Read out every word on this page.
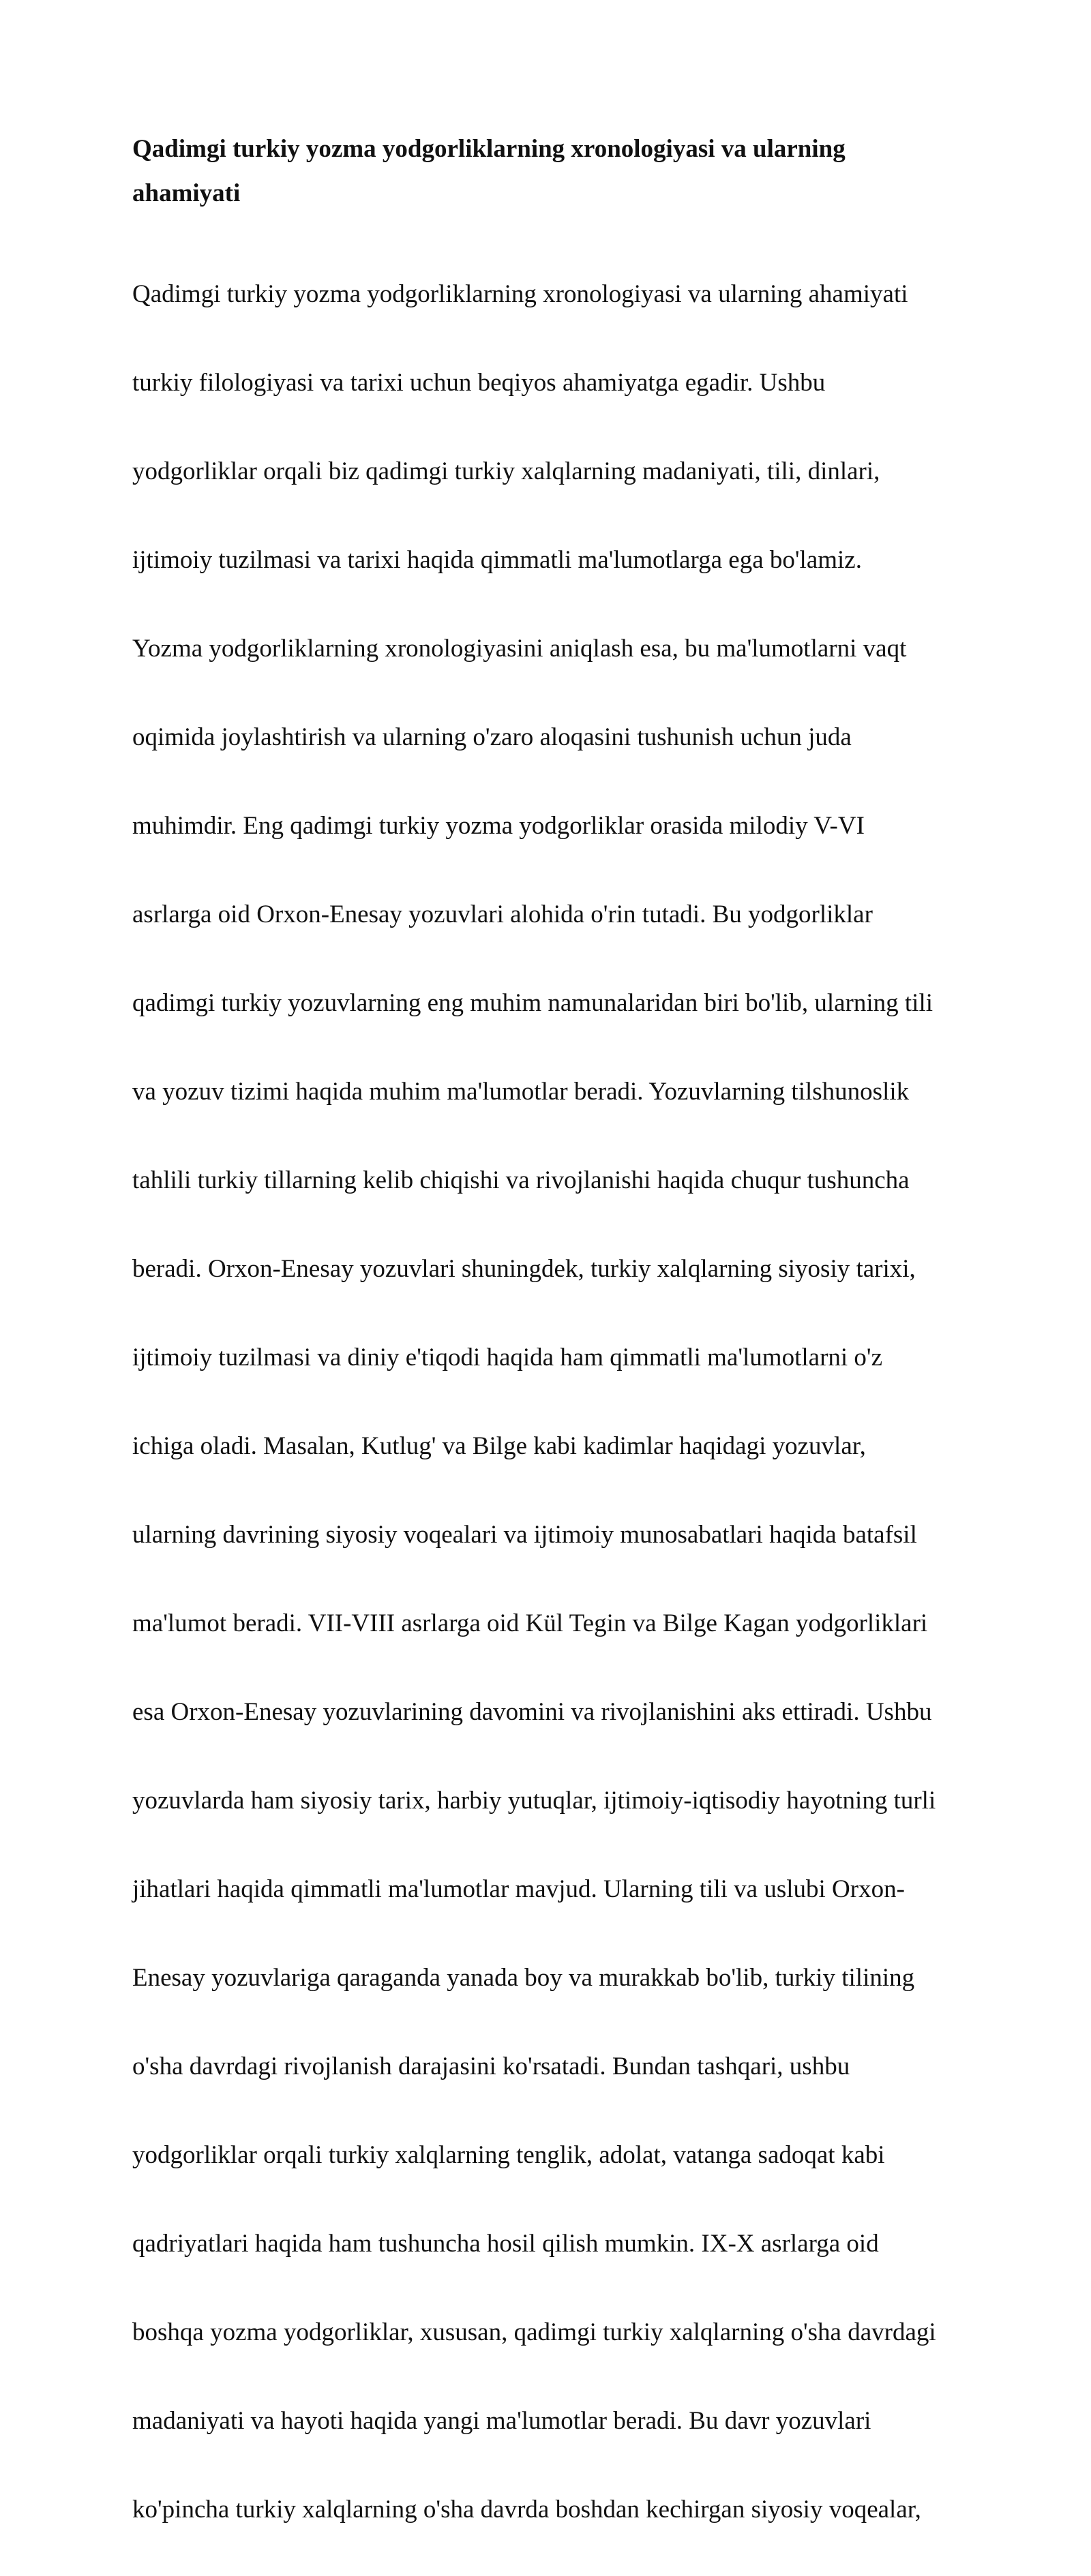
Qadimgi turkiy yozma yodgorliklarning xronologiyasi va ularning
ahamiyati

Qadimgi turkiy yozma yodgorliklarning xronologiyasi va ularning ahamiyati

turkiy filologiyasi va tarixi uchun beqiyos ahamiyatga egadir. Ushbu

yodgorliklar orqali biz qadimgi turkiy xalqlarning madaniyati, tili, dinlari,

ijtimoiy tuzilmasi va tarixi haqida qimmatli ma'lumotlarga ega bo'lamiz.

Yozma yodgorliklarning xronologiyasini aniqlash esa, bu ma'lumotlarni vaqt

oqimida joylashtirish va ularning o'zaro aloqasini tushunish uchun juda

muhimdir. Eng qadimgi turkiy yozma yodgorliklar orasida milodiy V-VI

asrlarga oid Orxon-Enesay yozuvlari alohida o'rin tutadi. Bu yodgorliklar

qadimgi turkiy yozuvlarning eng muhim namunalaridan biri bo'lib, ularning tili

va yozuv tizimi haqida muhim ma'lumotlar beradi. Yozuvlarning tilshunoslik

tahlili turkiy tillarning kelib chiqishi va rivojlanishi haqida chuqur tushuncha

beradi. Orxon-Enesay yozuvlari shuningdek, turkiy xalqlarning siyosiy tarixi,

ijtimoiy tuzilmasi va diniy e'tiqodi haqida ham qimmatli ma'lumotlarni o'z

ichiga oladi. Masalan, Kutlug' va Bilge kabi kadimlar haqidagi yozuvlar,

ularning davrining siyosiy voqealari va ijtimoiy munosabatlari haqida batafsil

ma'lumot beradi. VII-VIII asrlarga oid Kül Tegin va Bilge Kagan yodgorliklari

esa Orxon-Enesay yozuvlarining davomini va rivojlanishini aks ettiradi. Ushbu

yozuvlarda ham siyosiy tarix, harbiy yutuqlar, ijtimoiy-iqtisodiy hayotning turli

jihatlari haqida qimmatli ma'lumotlar mavjud. Ularning tili va uslubi Orxon-

Enesay yozuvlariga qaraganda yanada boy va murakkab bo'lib, turkiy tilining

o'sha davrdagi rivojlanish darajasini ko'rsatadi. Bundan tashqari, ushbu

yodgorliklar orqali turkiy xalqlarning tenglik, adolat, vatanga sadoqat kabi

qadriyatlari haqida ham tushuncha hosil qilish mumkin. IX-X asrlarga oid

boshqa yozma yodgorliklar, xususan, qadimgi turkiy xalqlarning o'sha davrdagi

madaniyati va hayoti haqida yangi ma'lumotlar beradi. Bu davr yozuvlari

ko'pincha turkiy xalqlarning o'sha davrda boshdan kechirgan siyosiy voqealar,
